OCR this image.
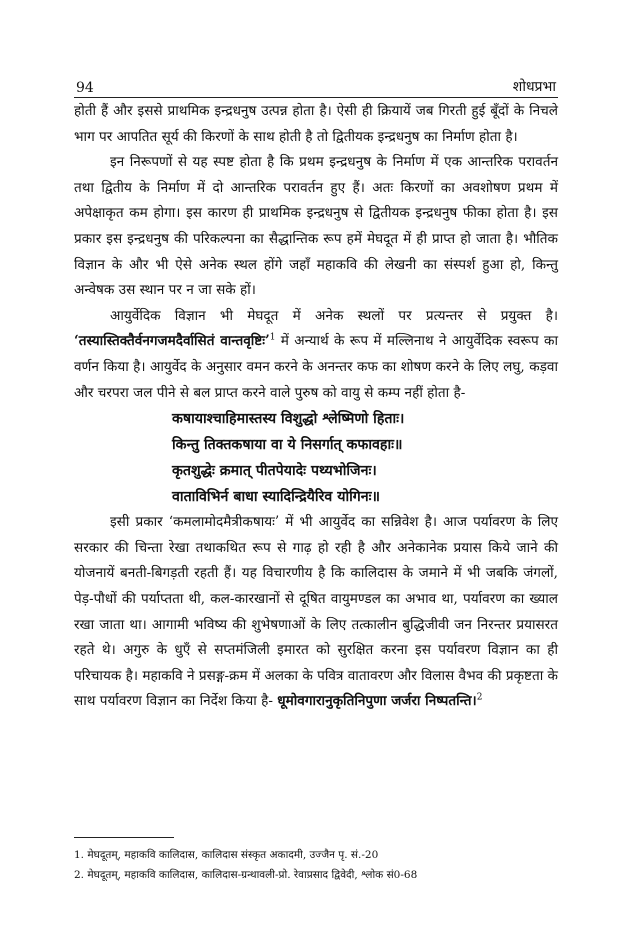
94	शोधप्रभा

होती हैं और इससे प्राथमिक इन्द्रधनुष उत्पन्न होता है। ऐसी ही क्रियायें जब गिरती हुई बूँदों के निचले भाग पर आपतित सूर्य की किरणों के साथ होती है तो द्वितीयक इन्द्रधनुष का निर्माण होता है।

इन निरूपणों से यह स्पष्ट होता है कि प्रथम इन्द्रधनुष के निर्माण में एक आन्तरिक परावर्तन तथा द्वितीय के निर्माण में दो आन्तरिक परावर्तन हुए हैं। अतः किरणों का अवशोषण प्रथम में अपेक्षाकृत कम होगा। इस कारण ही प्राथमिक इन्द्रधनुष से द्वितीयक इन्द्रधनुष फीका होता है। इस प्रकार इस इन्द्रधनुष की परिकल्पना का सैद्धान्तिक रूप हमें मेघदूत में ही प्राप्त हो जाता है। भौतिक विज्ञान के और भी ऐसे अनेक स्थल होंगे जहाँ महाकवि की लेखनी का संस्पर्श हुआ हो, किन्तु अन्वेषक उस स्थान पर न जा सके हों।

आयुर्वेदिक विज्ञान भी मेघदूत में अनेक स्थलों पर प्रत्यन्तर से प्रयुक्त है। ‘तस्यास्तिक्तैर्वनगजमदैर्वासितं वान्तवृष्टिः’$^1$ में अन्यार्थ के रूप में मल्लिनाथ ने आयुर्वेदिक स्वरूप का वर्णन किया है। आयुर्वेद के अनुसार वमन करने के अनन्तर कफ का शोषण करने के लिए लघु, कड़वा और चरपरा जल पीने से बल प्राप्त करने वाले पुरुष को वायु से कम्प नहीं होता है-

कषायाश्चाहिमास्तस्य विशुद्धो श्लेष्मिणो हिताः।
किन्तु तिक्तकषाया वा ये निसर्गात् कफावहाः॥
कृतशुद्धेः क्रमात् पीतपेयादेः पथ्यभोजिनः।
वाताविभिर्न बाधा स्यादिन्द्रियैरिव योगिनः॥

इसी प्रकार ‘कमलामोदमैत्रीकषायः’ में भी आयुर्वेद का सन्निवेश है। आज पर्यावरण के लिए सरकार की चिन्ता रेखा तथाकथित रूप से गाढ़ हो रही है और अनेकानेक प्रयास किये जाने की योजनायें बनती-बिगड़ती रहती हैं। यह विचारणीय है कि कालिदास के जमाने में भी जबकि जंगलों, पेड़-पौधों की पर्याप्तता थी, कल-कारखानों से दूषित वायुमण्डल का अभाव था, पर्यावरण का ख्याल रखा जाता था। आगामी भविष्य की शुभेषणाओं के लिए तत्कालीन बुद्धिजीवी जन निरन्तर प्रयासरत रहते थे। अगुरु के धुएँ से सप्तमंजिली इमारत को सुरक्षित करना इस पर्यावरण विज्ञान का ही परिचायक है। महाकवि ने प्रसङ्ग-क्रम में अलका के पवित्र वातावरण और विलास वैभव की प्रकृष्टता के साथ पर्यावरण विज्ञान का निर्देश किया है- धूमोवगारानुकृतिनिपुणा जर्जरा निष्पतन्ति।$^2$

1. मेघदूतम्, महाकवि कालिदास, कालिदास संस्कृत अकादमी, उज्जैन पृ. सं.-20
2. मेघदूतम्, महाकवि कालिदास, कालिदास-ग्रन्थावली-प्रो. रेवाप्रसाद द्विवेदी, श्लोक सं0-68
